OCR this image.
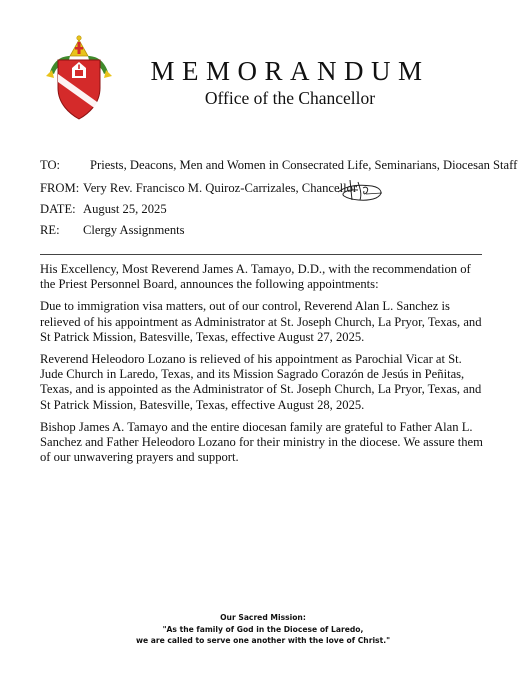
MEMORANDUM
Office of the Chancellor
TO: Priests, Deacons, Men and Women in Consecrated Life, Seminarians, Diocesan Staff
FROM: Very Rev. Francisco M. Quiroz-Carrizales, Chancellor
DATE: August 25, 2025
RE: Clergy Assignments

His Excellency, Most Reverend James A. Tamayo, D.D., with the recommendation of the Priest Personnel Board, announces the following appointments:

Due to immigration visa matters, out of our control, Reverend Alan L. Sanchez is relieved of his appointment as Administrator at St. Joseph Church, La Pryor, Texas, and St Patrick Mission, Batesville, Texas, effective August 27, 2025.

Reverend Heleodoro Lozano is relieved of his appointment as Parochial Vicar at St. Jude Church in Laredo, Texas, and its Mission Sagrado Corazón de Jesús in Peñitas, Texas, and is appointed as the Administrator of St. Joseph Church, La Pryor, Texas, and St Patrick Mission, Batesville, Texas, effective August 28, 2025.

Bishop James A. Tamayo and the entire diocesan family are grateful to Father Alan L. Sanchez and Father Heleodoro Lozano for their ministry in the diocese. We assure them of our unwavering prayers and support.

Our Sacred Mission:
"As the family of God in the Diocese of Laredo,
we are called to serve one another with the love of Christ."
